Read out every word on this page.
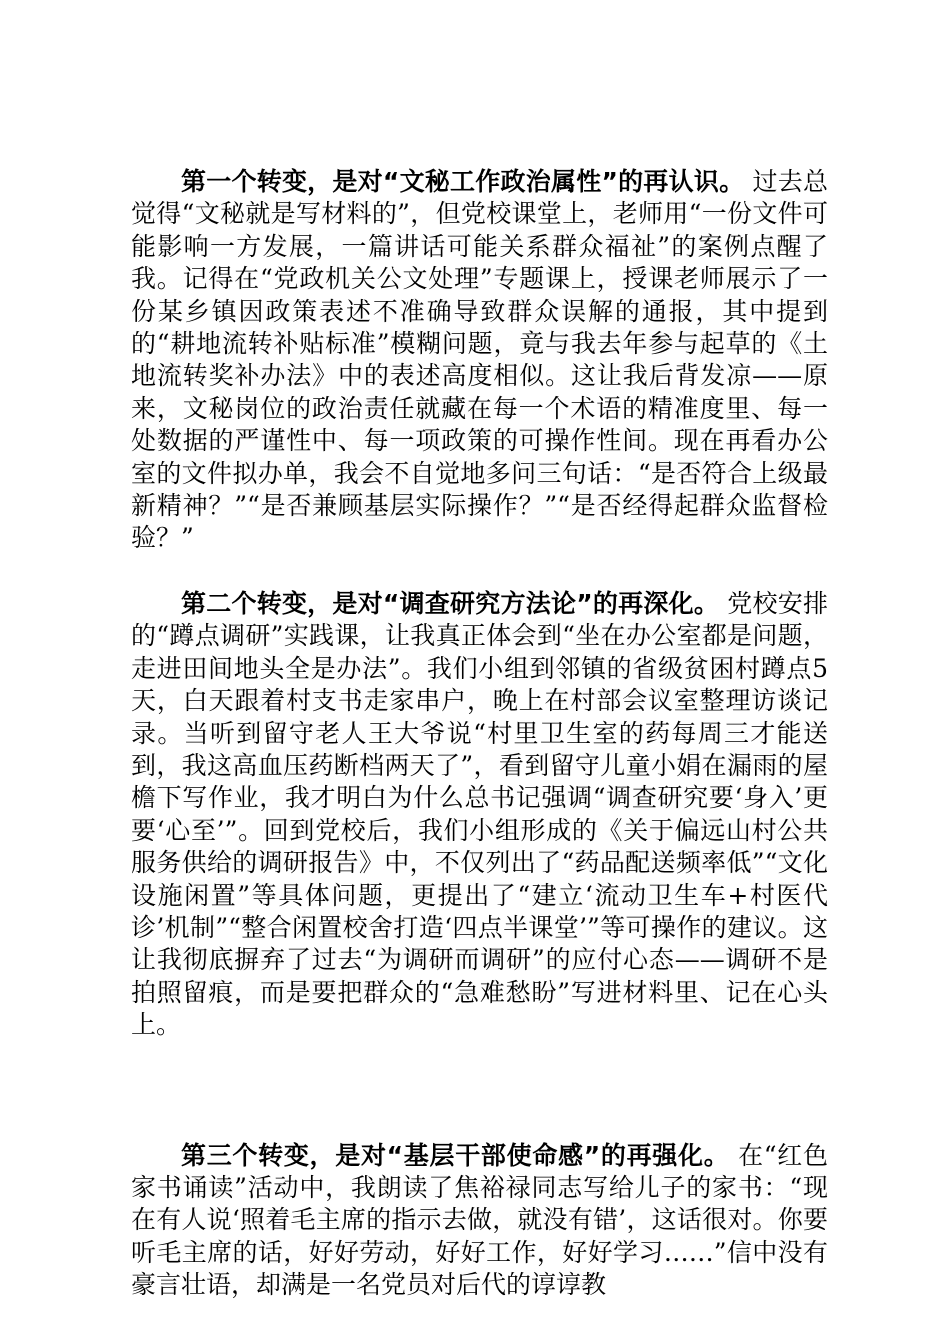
第一个转变，是对“文秘工作政治属性”的再认识。 过去总觉得“文秘就是写材料的”，但党校课堂上，老师用“一份文件可能影响一方发展，一篇讲话可能关系群众福祉”的案例点醒了我。记得在“党政机关公文处理”专题课上，授课老师展示了一份某乡镇因政策表述不准确导致群众误解的通报，其中提到的“耕地流转补贴标准”模糊问题，竟与我去年参与起草的《土地流转奖补办法》中的表述高度相似。这让我后背发凉——原来，文秘岗位的政治责任就藏在每一个术语的精准度里、每一处数据的严谨性中、每一项政策的可操作性间。现在再看办公室的文件拟办单，我会不自觉地多问三句话：“是否符合上级最新精神？”“是否兼顾基层实际操作？”“是否经得起群众监督检验？”

第二个转变，是对“调查研究方法论”的再深化。 党校安排的“蹲点调研”实践课，让我真正体会到“坐在办公室都是问题，走进田间地头全是办法”。我们小组到邻镇的省级贫困村蹲点5天，白天跟着村支书走家串户，晚上在村部会议室整理访谈记录。当听到留守老人王大爷说“村里卫生室的药每周三才能送到，我这高血压药断档两天了”，看到留守儿童小娟在漏雨的屋檐下写作业，我才明白为什么总书记强调“调查研究要‘身入’更要‘心至’”。回到党校后，我们小组形成的《关于偏远山村公共服务供给的调研报告》中，不仅列出了“药品配送频率低”“文化设施闲置”等具体问题，更提出了“建立‘流动卫生车+村医代诊’机制”“整合闲置校舍打造‘四点半课堂’”等可操作的建议。这让我彻底摒弃了过去“为调研而调研”的应付心态——调研不是拍照留痕，而是要把群众的“急难愁盼”写进材料里、记在心头上。

第三个转变，是对“基层干部使命感”的再强化。 在“红色家书诵读”活动中，我朗读了焦裕禄同志写给儿子的家书：“现在有人说‘照着毛主席的指示去做，就没有错’，这话很对。你要听毛主席的话，好好劳动，好好工作，好好学习……”信中没有豪言壮语，却满是一名党员对后代的谆谆教
